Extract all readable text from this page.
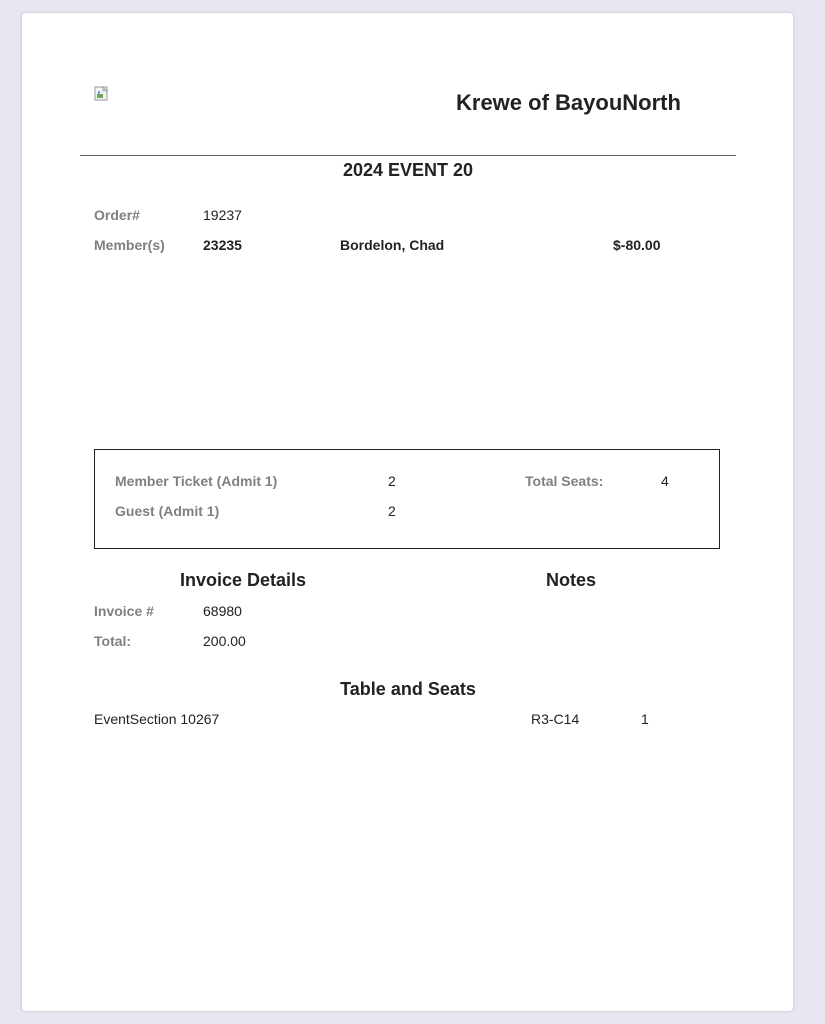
Krewe of BayouNorth
2024 EVENT 20
Order#	19237
Member(s)	23235	Bordelon, Chad	$-80.00
Member Ticket (Admit 1)	2	Total Seats:	4
Guest (Admit 1)	2
Invoice Details	Notes
Invoice #	68980
Total:	200.00
Table and Seats
EventSection 10267	R3-C14	1
